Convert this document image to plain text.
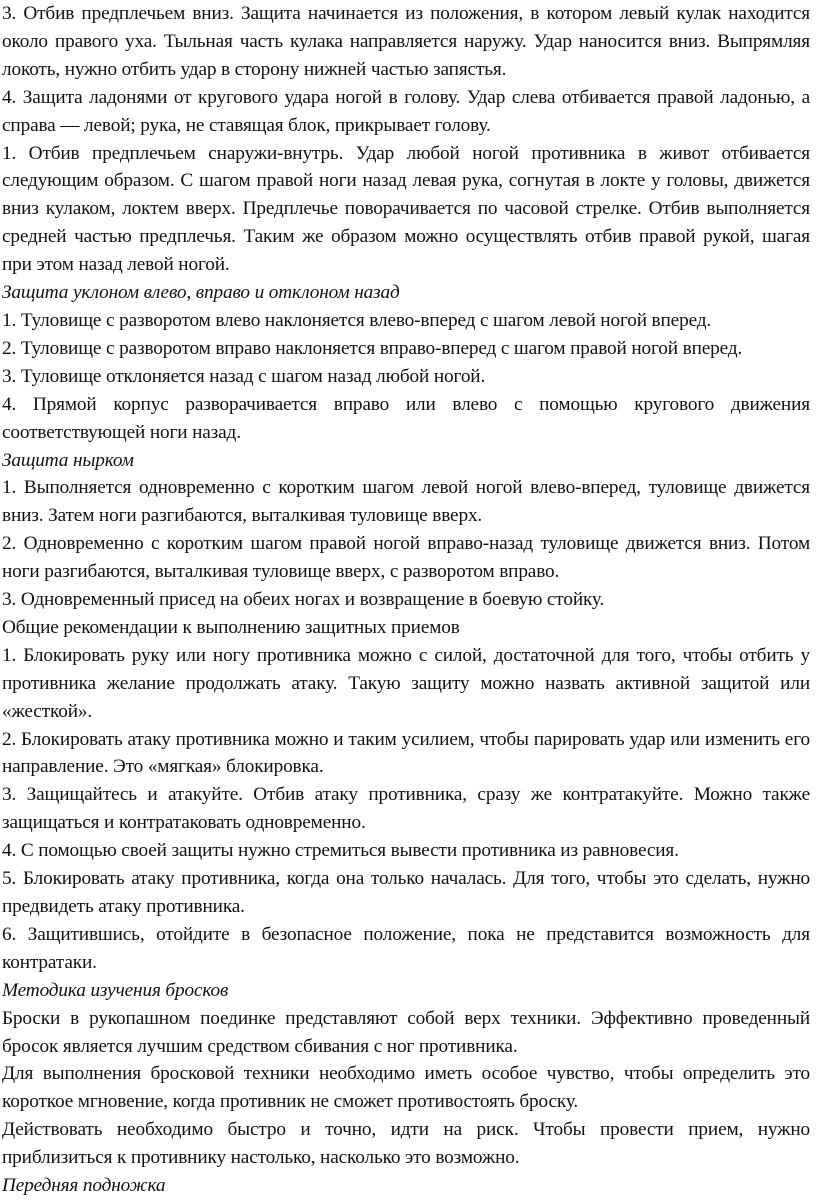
3. Отбив предплечьем вниз. Защита начинается из положения, в котором левый кулак находится около правого уха. Тыльная часть кулака направляется наружу. Удар наносится вниз. Выпрямляя локоть, нужно отбить удар в сторону нижней частью запястья.

4. Защита ладонями от кругового удара ногой в голову. Удар слева отбивается правой ладонью, а справа — левой; рука, не ставящая блок, прикрывает голову.

1. Отбив предплечьем снаружи-внутрь. Удар любой ногой противника в живот отбивается следующим образом. С шагом правой ноги назад левая рука, согнутая в локте у головы, движется вниз кулаком, локтем вверх. Предплечье поворачивается по часовой стрелке. Отбив выполняется средней частью предплечья. Таким же образом можно осуществлять отбив правой рукой, шагая при этом назад левой ногой.

Защита уклоном влево, вправо и отклоном назад

1. Туловище с разворотом влево наклоняется влево-вперед с шагом левой ногой вперед.

2. Туловище с разворотом вправо наклоняется вправо-вперед с шагом правой ногой вперед.

3. Туловище отклоняется назад с шагом назад любой ногой.

4. Прямой корпус разворачивается вправо или влево с помощью кругового движения соответствующей ноги назад.

Защита нырком

1. Выполняется одновременно с коротким шагом левой ногой влево-вперед, туловище движется вниз. Затем ноги разгибаются, выталкивая туловище вверх.

2. Одновременно с коротким шагом правой ногой вправо-назад туловище движется вниз. Потом ноги разгибаются, выталкивая туловище вверх, с разворотом вправо.

3. Одновременный присед на обеих ногах и возвращение в боевую стойку.

Общие рекомендации к выполнению защитных приемов

1. Блокировать руку или ногу противника можно с силой, достаточной для того, чтобы отбить у противника желание продолжать атаку. Такую защиту можно назвать активной защитой или «жесткой».

2. Блокировать атаку противника можно и таким усилием, чтобы парировать удар или изменить его направление. Это «мягкая» блокировка.

3. Защищайтесь и атакуйте. Отбив атаку противника, сразу же контратакуйте. Можно также защищаться и контратаковать одновременно.

4. С помощью своей защиты нужно стремиться вывести противника из равновесия.

5. Блокировать атаку противника, когда она только началась. Для того, чтобы это сделать, нужно предвидеть атаку противника.

6. Защитившись, отойдите в безопасное положение, пока не представится возможность для контратаки.

Методика изучения бросков

Броски в рукопашном поединке представляют собой верх техники. Эффективно проведенный бросок является лучшим средством сбивания с ног противника.

Для выполнения бросковой техники необходимо иметь особое чувство, чтобы определить это короткое мгновение, когда противник не сможет противостоять броску.

Действовать необходимо быстро и точно, идти на риск. Чтобы провести прием, нужно приблизиться к противнику настолько, насколько это возможно.

Передняя подножка
